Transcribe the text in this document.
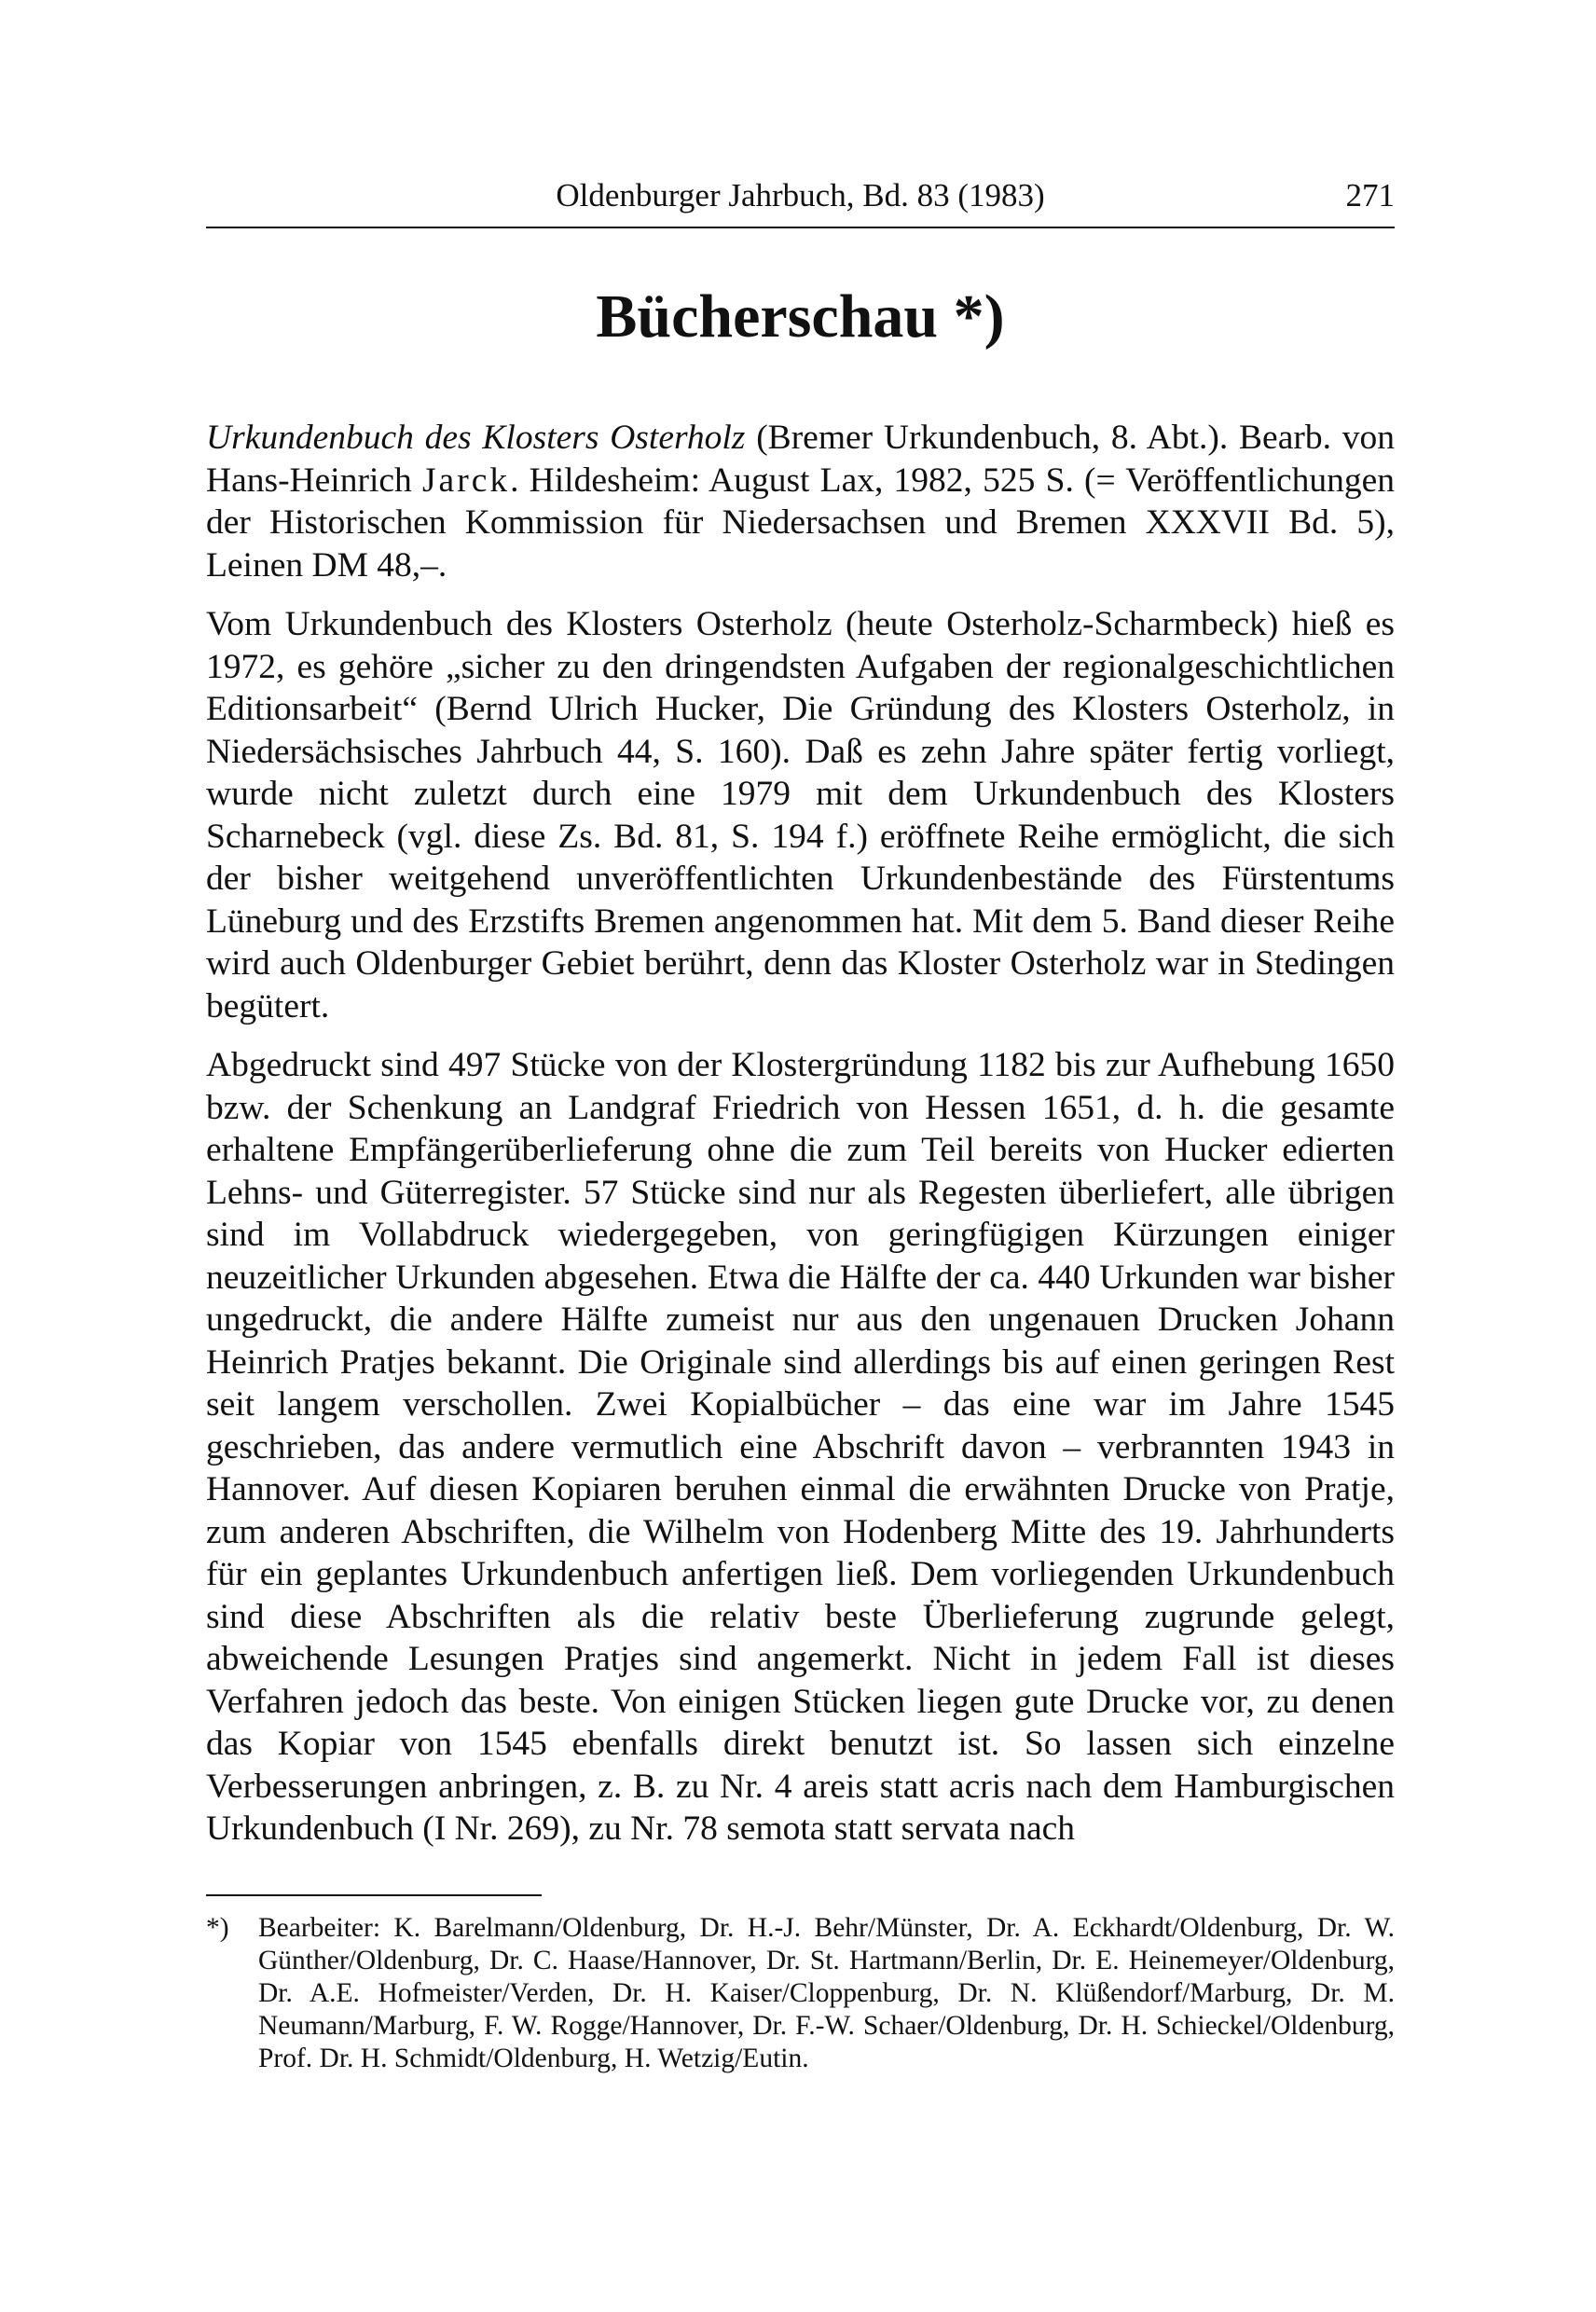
Oldenburger Jahrbuch, Bd. 83 (1983)	271
Bücherschau *)

Urkundenbuch des Klosters Osterholz (Bremer Urkundenbuch, 8. Abt.). Bearb. von Hans-Heinrich Jarck. Hildesheim: August Lax, 1982, 525 S. (= Veröffentlichungen der Historischen Kommission für Niedersachsen und Bremen XXXVII Bd. 5), Leinen DM 48,–.

Vom Urkundenbuch des Klosters Osterholz (heute Osterholz-Scharmbeck) hieß es 1972, es gehöre „sicher zu den dringendsten Aufgaben der regionalgeschichtlichen Editionsarbeit“ (Bernd Ulrich Hucker, Die Gründung des Klosters Osterholz, in Niedersächsisches Jahrbuch 44, S. 160). Daß es zehn Jahre später fertig vorliegt, wurde nicht zuletzt durch eine 1979 mit dem Urkundenbuch des Klosters Scharnebeck (vgl. diese Zs. Bd. 81, S. 194 f.) eröffnete Reihe ermöglicht, die sich der bisher weitgehend unveröffentlichten Urkundenbestände des Fürstentums Lüneburg und des Erzstifts Bremen angenommen hat. Mit dem 5. Band dieser Reihe wird auch Oldenburger Gebiet berührt, denn das Kloster Osterholz war in Stedingen begütert.

Abgedruckt sind 497 Stücke von der Klostergründung 1182 bis zur Aufhebung 1650 bzw. der Schenkung an Landgraf Friedrich von Hessen 1651, d. h. die gesamte erhaltene Empfängerüberlieferung ohne die zum Teil bereits von Hucker edierten Lehns- und Güterregister. 57 Stücke sind nur als Regesten überliefert, alle übrigen sind im Vollabdruck wiedergegeben, von geringfügigen Kürzungen einiger neuzeitlicher Urkunden abgesehen. Etwa die Hälfte der ca. 440 Urkunden war bisher ungedruckt, die andere Hälfte zumeist nur aus den ungenauen Drucken Johann Heinrich Pratjes bekannt. Die Originale sind allerdings bis auf einen geringen Rest seit langem verschollen. Zwei Kopialbücher – das eine war im Jahre 1545 geschrieben, das andere vermutlich eine Abschrift davon – verbrannten 1943 in Hannover. Auf diesen Kopiaren beruhen einmal die erwähnten Drucke von Pratje, zum anderen Abschriften, die Wilhelm von Hodenberg Mitte des 19. Jahrhunderts für ein geplantes Urkundenbuch anfertigen ließ. Dem vorliegenden Urkundenbuch sind diese Abschriften als die relativ beste Überlieferung zugrunde gelegt, abweichende Lesungen Pratjes sind angemerkt. Nicht in jedem Fall ist dieses Verfahren jedoch das beste. Von einigen Stücken liegen gute Drucke vor, zu denen das Kopiar von 1545 ebenfalls direkt benutzt ist. So lassen sich einzelne Verbesserungen anbringen, z. B. zu Nr. 4 areis statt acris nach dem Hamburgischen Urkundenbuch (I Nr. 269), zu Nr. 78 semota statt servata nach

*) Bearbeiter: K. Barelmann/Oldenburg, Dr. H.-J. Behr/Münster, Dr. A. Eckhardt/Oldenburg, Dr. W. Günther/Oldenburg, Dr. C. Haase/Hannover, Dr. St. Hartmann/Berlin, Dr. E. Heinemeyer/Oldenburg, Dr. A.E. Hofmeister/Verden, Dr. H. Kaiser/Cloppenburg, Dr. N. Klüßendorf/Marburg, Dr. M. Neumann/Marburg, F. W. Rogge/Hannover, Dr. F.-W. Schaer/Oldenburg, Dr. H. Schieckel/Oldenburg, Prof. Dr. H. Schmidt/Oldenburg, H. Wetzig/Eutin.
